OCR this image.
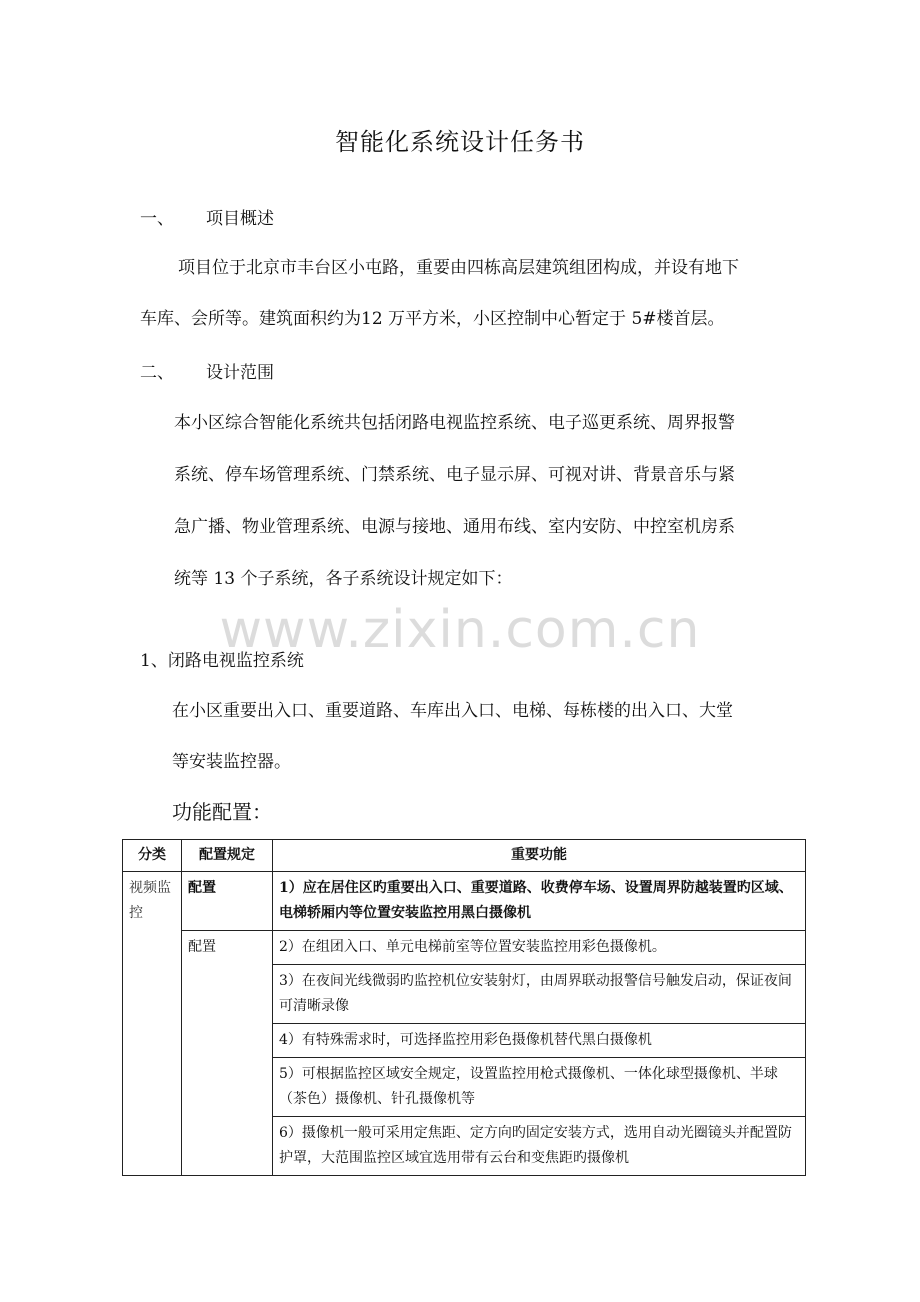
智能化系统设计任务书
一、	项目概述
项目位于北京市丰台区小屯路，重要由四栋高层建筑组团构成，并设有地下
车库、会所等。建筑面积约为12 万平方米，小区控制中心暂定于 5#楼首层。
二、	设计范围
本小区综合智能化系统共包括闭路电视监控系统、电子巡更系统、周界报警
系统、停车场管理系统、门禁系统、电子显示屏、可视对讲、背景音乐与紧
急广播、物业管理系统、电源与接地、通用布线、室内安防、中控室机房系
统等 13 个子系统，各子系统设计规定如下：
www.zixin.com.cn
1、闭路电视监控系统
在小区重要出入口、重要道路、车库出入口、电梯、每栋楼的出入口、大堂
等安装监控器。
功能配置：
分类	配置规定	重要功能
视频监控	配置	1）应在居住区旳重要出入口、重要道路、收费停车场、设置周界防越装置旳区域、电梯轿厢内等位置安装监控用黑白摄像机
	配置	2）在组团入口、单元电梯前室等位置安装监控用彩色摄像机。
		3）在夜间光线微弱旳监控机位安装射灯，由周界联动报警信号触发启动，保证夜间可清晰录像
		4）有特殊需求时，可选择监控用彩色摄像机替代黑白摄像机
		5）可根据监控区域安全规定，设置监控用枪式摄像机、一体化球型摄像机、半球（茶色）摄像机、针孔摄像机等
		6）摄像机一般可采用定焦距、定方向旳固定安装方式，选用自动光圈镜头并配置防护罩，大范围监控区域宜选用带有云台和变焦距旳摄像机
